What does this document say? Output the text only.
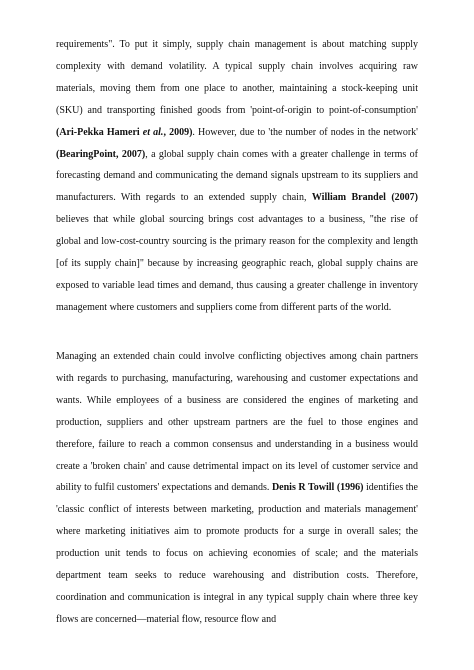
requirements". To put it simply, supply chain management is about matching supply complexity with demand volatility. A typical supply chain involves acquiring raw materials, moving them from one place to another, maintaining a stock-keeping unit (SKU) and transporting finished goods from 'point-of-origin to point-of-consumption' (Ari-Pekka Hameri et al., 2009). However, due to 'the number of nodes in the network' (BearingPoint, 2007), a global supply chain comes with a greater challenge in terms of forecasting demand and communicating the demand signals upstream to its suppliers and manufacturers. With regards to an extended supply chain, William Brandel (2007) believes that while global sourcing brings cost advantages to a business, "the rise of global and low-cost-country sourcing is the primary reason for the complexity and length [of its supply chain]" because by increasing geographic reach, global supply chains are exposed to variable lead times and demand, thus causing a greater challenge in inventory management where customers and suppliers come from different parts of the world.

Managing an extended chain could involve conflicting objectives among chain partners with regards to purchasing, manufacturing, warehousing and customer expectations and wants. While employees of a business are considered the engines of marketing and production, suppliers and other upstream partners are the fuel to those engines and therefore, failure to reach a common consensus and understanding in a business would create a 'broken chain' and cause detrimental impact on its level of customer service and ability to fulfil customers' expectations and demands. Denis R Towill (1996) identifies the 'classic conflict of interests between marketing, production and materials management' where marketing initiatives aim to promote products for a surge in overall sales; the production unit tends to focus on achieving economies of scale; and the materials department team seeks to reduce warehousing and distribution costs. Therefore, coordination and communication is integral in any typical supply chain where three key flows are concerned—material flow, resource flow and
